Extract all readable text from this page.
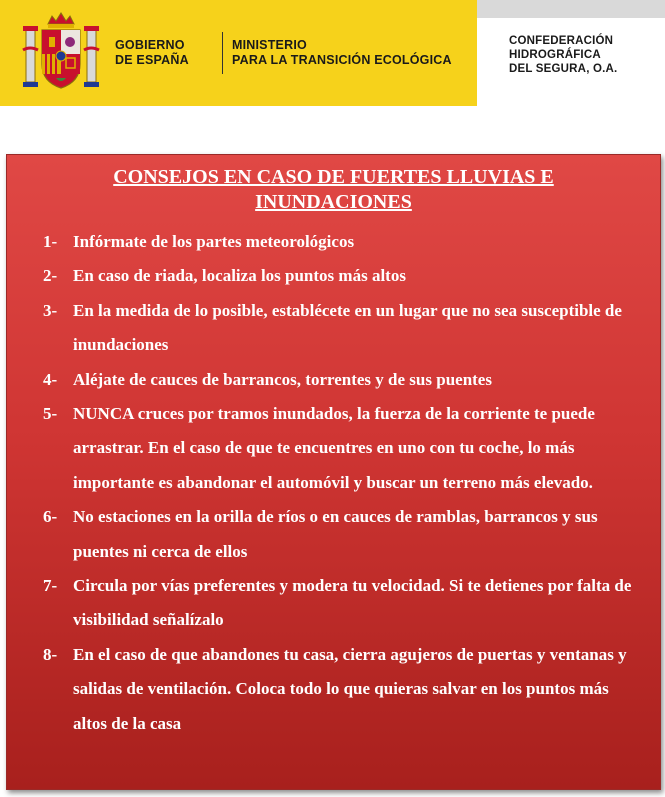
GOBIERNO
DE ESPAÑA
MINISTERIO
PARA LA TRANSICIÓN ECOLÓGICA
CONFEDERACIÓN
HIDROGRÁFICA
DEL SEGURA, O.A.
CONSEJOS EN CASO DE FUERTES LLUVIAS E INUNDACIONES
1- Infórmate de los partes meteorológicos
2- En caso de riada, localiza los puntos más altos
3- En la medida de lo posible, establécete en un lugar que no sea susceptible de inundaciones
4- Aléjate de cauces de barrancos, torrentes y de sus puentes
5- NUNCA cruces por tramos inundados, la fuerza de la corriente te puede arrastrar. En el caso de que te encuentres en uno con tu coche, lo más importante es abandonar el automóvil y buscar un terreno más elevado.
6- No estaciones en la orilla de ríos o en cauces de ramblas, barrancos y sus puentes ni cerca de ellos
7- Circula por vías preferentes y modera tu velocidad. Si te detienes por falta de visibilidad señalízalo
8- En el caso de que abandones tu casa, cierra agujeros de puertas y ventanas y salidas de ventilación. Coloca todo lo que quieras salvar en los puntos más altos de la casa
